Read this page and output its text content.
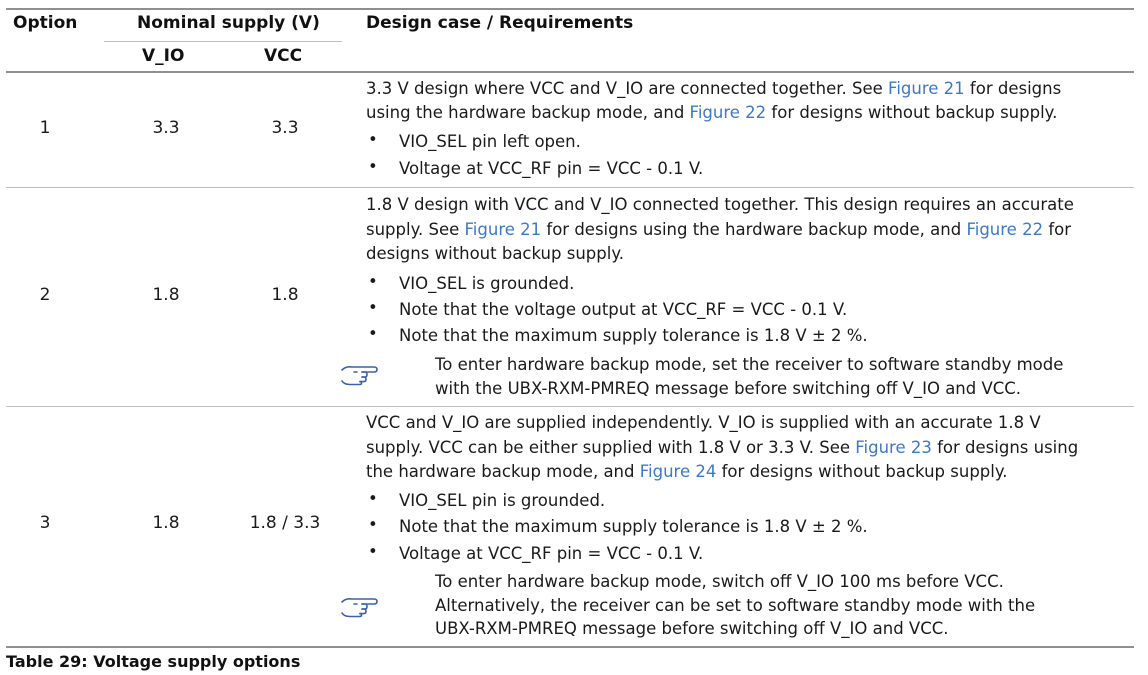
Option	Nominal supply (V)
V_IO	VCC
Design case / Requirements
1	3.3	3.3
3.3 V design where VCC and V_IO are connected together. See Figure 21 for designs
using the hardware backup mode, and Figure 22 for designs without backup supply.
• VIO_SEL pin left open.
• Voltage at VCC_RF pin = VCC - 0.1 V.
2	1.8	1.8
1.8 V design with VCC and V_IO connected together. This design requires an accurate
supply. See Figure 21 for designs using the hardware backup mode, and Figure 22 for
designs without backup supply.
• VIO_SEL is grounded.
• Note that the voltage output at VCC_RF = VCC - 0.1 V.
• Note that the maximum supply tolerance is 1.8 V ± 2 %.
To enter hardware backup mode, set the receiver to software standby mode
with the UBX-RXM-PMREQ message before switching off V_IO and VCC.
3	1.8	1.8 / 3.3
VCC and V_IO are supplied independently. V_IO is supplied with an accurate 1.8 V
supply. VCC can be either supplied with 1.8 V or 3.3 V. See Figure 23 for designs using
the hardware backup mode, and Figure 24 for designs without backup supply.
• VIO_SEL pin is grounded.
• Note that the maximum supply tolerance is 1.8 V ± 2 %.
• Voltage at VCC_RF pin = VCC - 0.1 V.
To enter hardware backup mode, switch off V_IO 100 ms before VCC.
Alternatively, the receiver can be set to software standby mode with the
UBX-RXM-PMREQ message before switching off V_IO and VCC.
Table 29: Voltage supply options
